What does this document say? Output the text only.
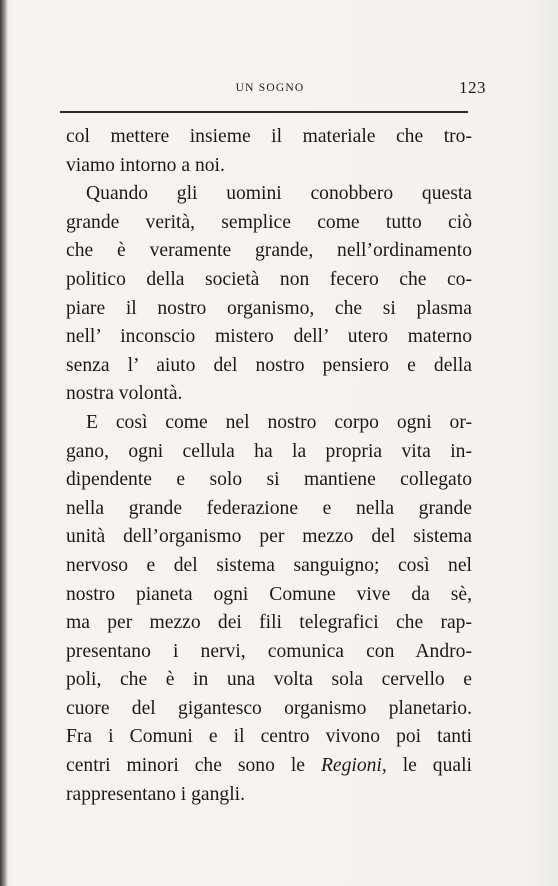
UN SOGNO	123
col mettere insieme il materiale che tro-
viamo intorno a noi.
Quando gli uomini conobbero questa
grande verità, semplice come tutto ciò
che è veramente grande, nell’ordinamento
politico della società non fecero che co-
piare il nostro organismo, che si plasma
nell’ inconscio mistero dell’ utero materno
senza l’ aiuto del nostro pensiero e della
nostra volontà.
E così come nel nostro corpo ogni or-
gano, ogni cellula ha la propria vita in-
dipendente e solo si mantiene collegato
nella grande federazione e nella grande
unità dell’organismo per mezzo del sistema
nervoso e del sistema sanguigno; così nel
nostro pianeta ogni Comune vive da sè,
ma per mezzo dei fili telegrafici che rap-
presentano i nervi, comunica con Andro-
poli, che è in una volta sola cervello e
cuore del gigantesco organismo planetario.
Fra i Comuni e il centro vivono poi tanti
centri minori che sono le Regioni, le quali
rappresentano i gangli.
